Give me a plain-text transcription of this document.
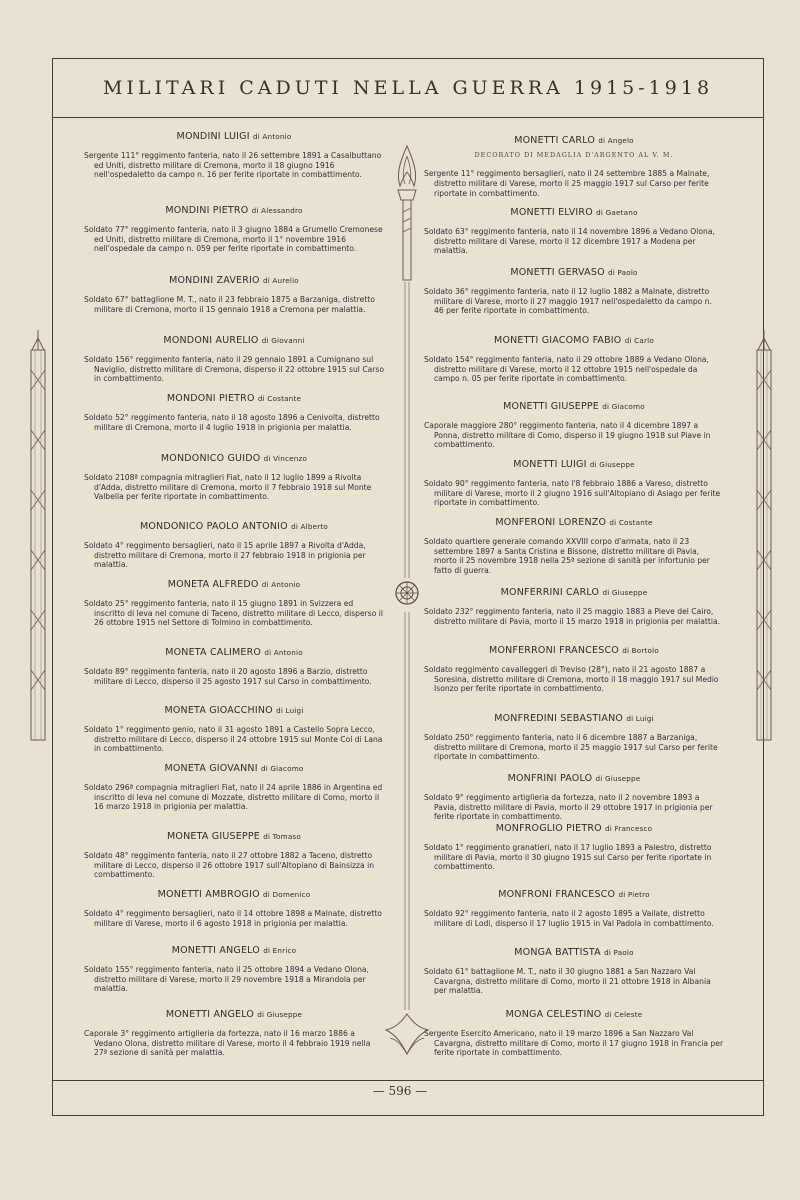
MILITARI CADUTI NELLA GUERRA 1915-1918
MONDINI LUIGI di Antonio
Sergente 111° reggimento fanteria, nato il 26 settembre 1891 a Casalbuttano ed Uniti, distretto militare di Cremona, morto il 18 giugno 1916 nell'ospedaletto da campo n. 16 per ferite riportate in combattimento.
MONDINI PIETRO di Alessandro
Soldato 77° reggimento fanteria, nato il 3 giugno 1884 a Grumello Cremonese ed Uniti, distretto militare di Cremona, morto il 1° novembre 1916 nell'ospedale da campo n. 059 per ferite riportate in combattimento.
MONDINI ZAVERIO di Aurelio
Soldato 67° battaglione M. T., nato il 23 febbraio 1875 a Barzaniga, distretto militare di Cremona, morto il 15 gennaio 1918 a Cremona per malattia.
MONDONI AURELIO di Giovanni
Soldato 156° reggimento fanteria, nato il 29 gennaio 1891 a Cumignano sul Naviglio, distretto militare di Cremona, disperso il 22 ottobre 1915 sul Carso in combattimento.
MONDONI PIETRO di Costante
Soldato 52° reggimento fanteria, nato il 18 agosto 1896 a Cenivolta, distretto militare di Cremona, morto il 4 luglio 1918 in prigionia per malattia.
MONDONICO GUIDO di Vincenzo
Soldato 2108ª compagnia mitraglieri Fiat, nato il 12 luglio 1899 a Rivolta d'Adda, distretto militare di Cremona, morto il 7 febbraio 1918 sul Monte Valbella per ferite riportate in combattimento.
MONDONICO PAOLO ANTONIO di Alberto
Soldato 4° reggimento bersaglieri, nato il 15 aprile 1897 a Rivolta d'Adda, distretto militare di Cremona, morto il 27 febbraio 1918 in prigionia per malattia.
MONETA ALFREDO di Antonio
Soldato 25° reggimento fanteria, nato il 15 giugno 1891 in Svizzera ed inscritto di leva nel comune di Taceno, distretto militare di Lecco, disperso il 26 ottobre 1915 nel Settore di Tolmino in combattimento.
MONETA CALIMERO di Antonio
Soldato 89° reggimento fanteria, nato il 20 agosto 1896 a Barzio, distretto militare di Lecco, disperso il 25 agosto 1917 sul Carso in combattimento.
MONETA GIOACCHINO di Luigi
Soldato 1° reggimento genio, nato il 31 agosto 1891 a Castello Sopra Lecco, distretto militare di Lecco, disperso il 24 ottobre 1915 sul Monte Col di Lana in combattimento.
MONETA GIOVANNI di Giacomo
Soldato 296ª compagnia mitraglieri Fiat, nato il 24 aprile 1886 in Argentina ed inscritto di leva nel comune di Mozzate, distretto militare di Como, morto il 16 marzo 1918 in prigionia per malattia.
MONETA GIUSEPPE di Tomaso
Soldato 48° reggimento fanteria, nato il 27 ottobre 1882 a Taceno, distretto militare di Lecco, disperso il 26 ottobre 1917 sull'Altopiano di Bainsizza in combattimento.
MONETTI AMBROGIO di Domenico
Soldato 4° reggimento bersaglieri, nato il 14 ottobre 1898 a Malnate, distretto militare di Varese, morto il 6 agosto 1918 in prigionia per malattia.
MONETTI ANGELO di Enrico
Soldato 155° reggimento fanteria, nato il 25 ottobre 1894 a Vedano Olona, distretto militare di Varese, morto il 29 novembre 1918 a Mirandola per malattia.
MONETTI ANGELO di Giuseppe
Caporale 3° reggimento artiglieria da fortezza, nato il 16 marzo 1886 a Vedano Olona, distretto militare di Varese, morto il 4 febbraio 1919 nella 27ª sezione di sanità per malattia.
MONETTI CARLO di Angelo
DECORATO DI MEDAGLIA D'ARGENTO AL V. M.
Sergente 11° reggimento bersaglieri, nato il 24 settembre 1885 a Malnate, distretto militare di Varese, morto il 25 maggio 1917 sul Carso per ferite riportate in combattimento.
MONETTI ELVIRO di Gaetano
Soldato 63° reggimento fanteria, nato il 14 novembre 1896 a Vedano Olona, distretto militare di Varese, morto il 12 dicembre 1917 a Modena per malattia.
MONETTI GERVASO di Paolo
Soldato 36° reggimento fanteria, nato il 12 luglio 1882 a Malnate, distretto militare di Varese, morto il 27 maggio 1917 nell'ospedaletto da campo n. 46 per ferite riportate in combattimento.
MONETTI GIACOMO FABIO di Carlo
Soldato 154° reggimento fanteria, nato il 29 ottobre 1889 a Vedano Olona, distretto militare di Varese, morto il 12 ottobre 1915 nell'ospedale da campo n. 05 per ferite riportate in combattimento.
MONETTI GIUSEPPE di Giacomo
Caporale maggiore 280° reggimento fanteria, nato il 4 dicembre 1897 a Ponna, distretto militare di Como, disperso il 19 giugno 1918 sul Piave in combattimento.
MONETTI LUIGI di Giuseppe
Soldato 90° reggimento fanteria, nato l'8 febbraio 1886 a Vareso, distretto militare di Varese, morto il 2 giugno 1916 sull'Altopiano di Asiago per ferite riportate in combattimento.
MONFERONI LORENZO di Costante
Soldato quartiere generale comando XXVIII corpo d'armata, nato il 23 settembre 1897 a Santa Cristina e Bissone, distretto militare di Pavia, morto il 25 novembre 1918 nella 25ª sezione di sanità per infortunio per fatto di guerra.
MONFERRINI CARLO di Giuseppe
Soldato 232° reggimento fanteria, nato il 25 maggio 1883 a Pieve del Cairo, distretto militare di Pavia, morto il 15 marzo 1918 in prigionia per malattia.
MONFERRONI FRANCESCO di Bortolo
Soldato reggimento cavalleggeri di Treviso (28°), nato il 21 agosto 1887 a Soresina, distretto militare di Cremona, morto il 18 maggio 1917 sul Medio Isonzo per ferite riportate in combattimento.
MONFREDINI SEBASTIANO di Luigi
Soldato 250° reggimento fanteria, nato il 6 dicembre 1887 a Barzaniga, distretto militare di Cremona, morto il 25 maggio 1917 sul Carso per ferite riportate in combattimento.
MONFRINI PAOLO di Giuseppe
Soldato 9° reggimento artiglieria da fortezza, nato il 2 novembre 1893 a Pavia, distretto militare di Pavia, morto il 29 ottobre 1917 in prigionia per ferite riportate in combattimento.
MONFROGLIO PIETRO di Francesco
Soldato 1° reggimento granatieri, nato il 17 luglio 1893 a Palestro, distretto militare di Pavia, morto il 30 giugno 1915 sul Carso per ferite riportate in combattimento.
MONFRONI FRANCESCO di Pietro
Soldato 92° reggimento fanteria, nato il 2 agosto 1895 a Vailate, distretto militare di Lodi, disperso il 17 luglio 1915 in Val Padola in combattimento.
MONGA BATTISTA di Paolo
Soldato 61° battaglione M. T., nato il 30 giugno 1881 a San Nazzaro Val Cavargna, distretto militare di Como, morto il 21 ottobre 1918 in Albania per malattia.
MONGA CELESTINO di Celeste
Sergente Esercito Americano, nato il 19 marzo 1896 a San Nazzaro Val Cavargna, distretto militare di Como, morto il 17 giugno 1918 in Francia per ferite riportate in combattimento.
— 596 —
